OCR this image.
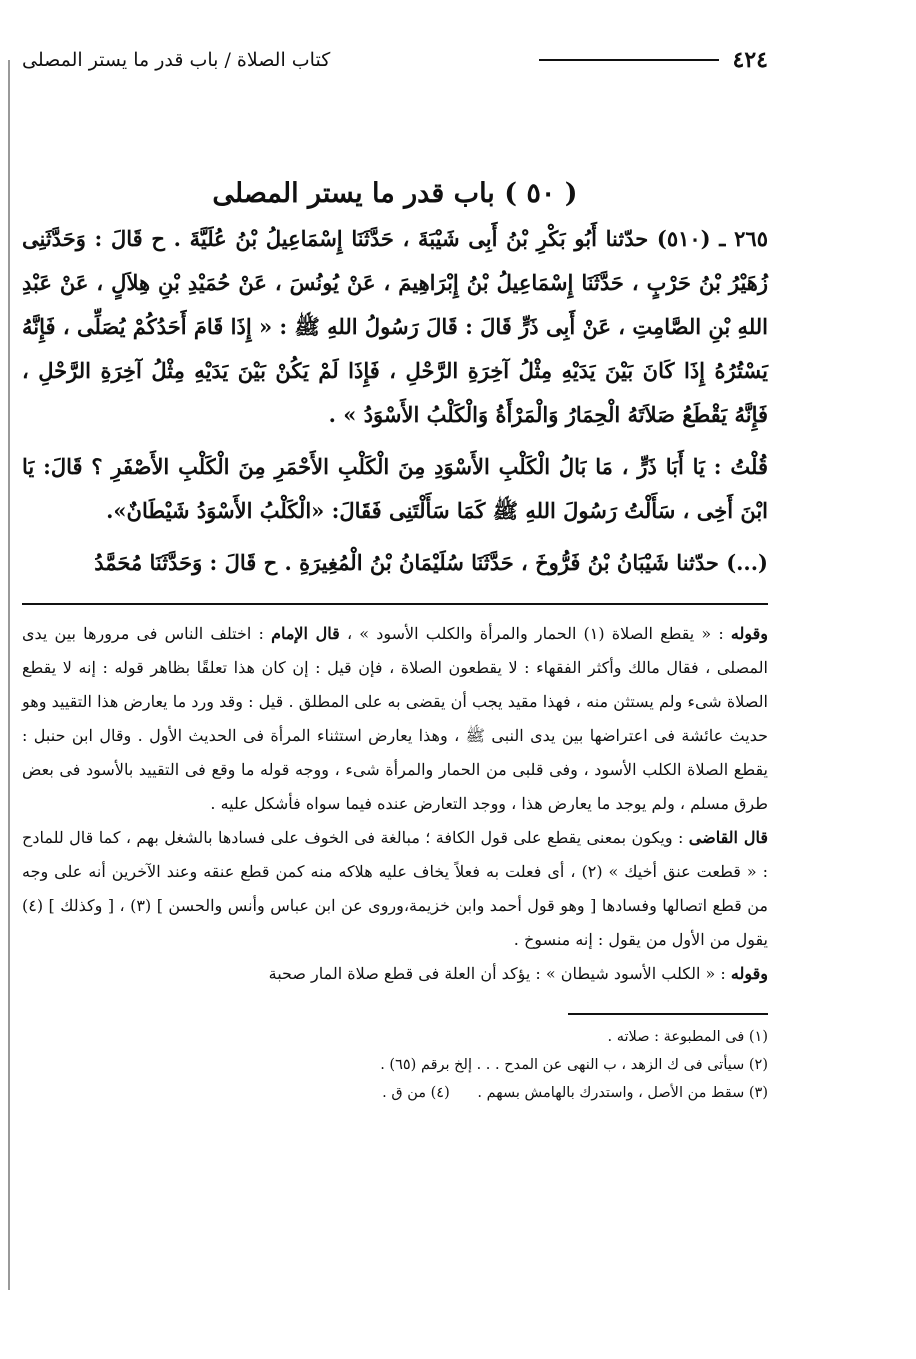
٤٢٤
كتاب الصلاة / باب قدر ما يستر المصلى
( ٥٠ ) باب قدر ما يستر المصلى

٢٦٥ ـ (٥١٠) حدّثنا أَبُو بَكْرِ بْنُ أَبِى شَيْبَةَ ، حَدَّثَنَا إِسْمَاعِيلُ بْنُ عُلَيَّةَ . ح قَالَ : وَحَدَّثَنِى زُهَيْرُ بْنُ حَرْبٍ ، حَدَّثَنَا إِسْمَاعِيلُ بْنُ إِبْرَاهِيمَ ، عَنْ يُونُسَ ، عَنْ حُمَيْدِ بْنِ هِلاَلٍ ، عَنْ عَبْدِ اللهِ بْنِ الصَّامِتِ ، عَنْ أَبِى ذَرٍّ قَالَ : قَالَ رَسُولُ اللهِ ﷺ : « إِذَا قَامَ أَحَدُكُمْ يُصَلِّى ، فَإِنَّهُ يَسْتُرُهُ إِذَا كَانَ بَيْنَ يَدَيْهِ مِثْلُ آخِرَةِ الرَّحْلِ ، فَإِذَا لَمْ يَكُنْ بَيْنَ يَدَيْهِ مِثْلُ آخِرَةِ الرَّحْلِ ، فَإِنَّهُ يَقْطَعُ صَلاَتَهُ الْحِمَارُ وَالْمَرْأَةُ وَالْكَلْبُ الأَسْوَدُ » .

قُلْتُ : يَا أَبَا ذَرٍّ ، مَا بَالُ الْكَلْبِ الأَسْوَدِ مِنَ الْكَلْبِ الأَحْمَرِ مِنَ الْكَلْبِ الأَصْفَرِ ؟ قَالَ: يَا ابْنَ أَخِى ، سَأَلْتُ رَسُولَ اللهِ ﷺ كَمَا سَأَلْتَنِى فَقَالَ: «الْكَلْبُ الأَسْوَدُ شَيْطَانٌ».

(...) حدّثنا شَيْبَانُ بْنُ فَرُّوخَ ، حَدَّثَنَا سُلَيْمَانُ بْنُ الْمُغِيرَةِ . ح قَالَ : وَحَدَّثَنَا مُحَمَّدُ

وقوله : « يقطع الصلاة (١) الحمار والمرأة والكلب الأسود » ، قال الإمام : اختلف الناس فى مرورها بين يدى المصلى ، فقال مالك وأكثر الفقهاء : لا يقطعون الصلاة ، فإن قيل : إن كان هذا تعلقًا بظاهر قوله : إنه لا يقطع الصلاة شىء ولم يستثن منه ، فهذا مقيد يجب أن يقضى به على المطلق . قيل : وقد ورد ما يعارض هذا التقييد وهو حديث عائشة فى اعتراضها بين يدى النبى ﷺ ، وهذا يعارض استثناء المرأة فى الحديث الأول . وقال ابن حنبل : يقطع الصلاة الكلب الأسود ، وفى قلبى من الحمار والمرأة شىء ، ووجه قوله ما وقع فى التقييد بالأسود فى بعض طرق مسلم ، ولم يوجد ما يعارض هذا ، ووجد التعارض عنده فيما سواه فأشكل عليه .

قال القاضى : ويكون بمعنى يقطع على قول الكافة ؛ مبالغة فى الخوف على فسادها بالشغل بهم ، كما قال للمادح : « قطعت عنق أخيك » (٢) ، أى فعلت به فعلاً يخاف عليه هلاكه منه كمن قطع عنقه وعند الآخرين أنه على وجه من قطع اتصالها وفسادها [ وهو قول أحمد وابن خزيمة،وروى عن ابن عباس وأنس والحسن ] (٣) ، [ وكذلك ] (٤) يقول من الأول من يقول : إنه منسوخ .

وقوله : « الكلب الأسود شيطان » : يؤكد أن العلة فى قطع صلاة المار صحبة

(١) فى المطبوعة : صلاته .

(٢) سيأتى فى ك الزهد ، ب النهى عن المدح . . . إلخ برقم (٦٥) .

(٣) سقط من الأصل ، واستدرك بالهامش بسهم .      (٤) من ق .
